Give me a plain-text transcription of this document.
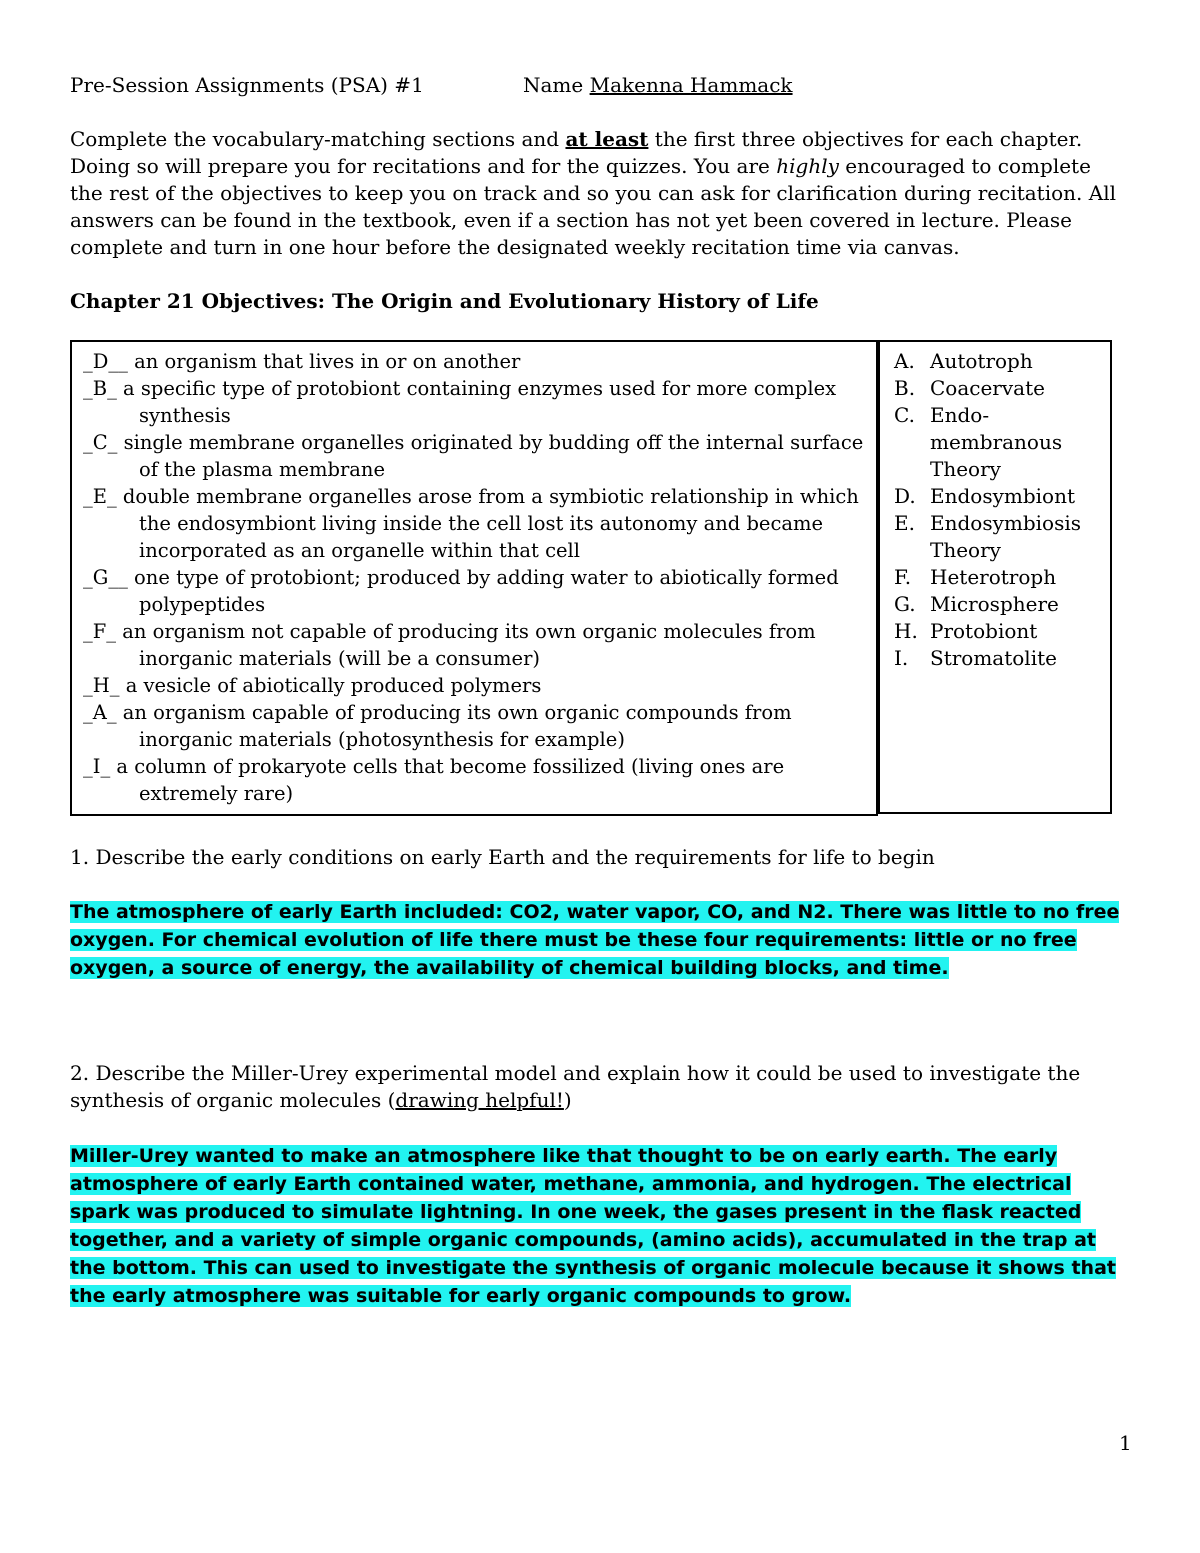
Pre-Session Assignments (PSA) #1	Name Makenna Hammack
Complete the vocabulary-matching sections and at least the first three objectives for each chapter. Doing so will prepare you for recitations and for the quizzes. You are highly encouraged to complete the rest of the objectives to keep you on track and so you can ask for clarification during recitation. All answers can be found in the textbook, even if a section has not yet been covered in lecture. Please complete and turn in one hour before the designated weekly recitation time via canvas.
Chapter 21 Objectives: The Origin and Evolutionary History of Life
_D__ an organism that lives in or on another
_B_ a specific type of protobiont containing enzymes used for more complex synthesis
_C_ single membrane organelles originated by budding off the internal surface of the plasma membrane
_E_ double membrane organelles arose from a symbiotic relationship in which the endosymbiont living inside the cell lost its autonomy and became incorporated as an organelle within that cell
_G__ one type of protobiont; produced by adding water to abiotically formed polypeptides
_F_ an organism not capable of producing its own organic molecules from inorganic materials (will be a consumer)
_H_ a vesicle of abiotically produced polymers
_A_ an organism capable of producing its own organic compounds from inorganic materials (photosynthesis for example)
_I_ a column of prokaryote cells that become fossilized (living ones are extremely rare)
A. Autotroph
B. Coacervate
C. Endo-membranous Theory
D. Endosymbiont
E. Endosymbiosis Theory
F. Heterotroph
G. Microsphere
H. Protobiont
I.	Stromatolite
1. Describe the early conditions on early Earth and the requirements for life to begin
The atmosphere of early Earth included: CO2, water vapor, CO, and N2. There was little to no free oxygen. For chemical evolution of life there must be these four requirements: little or no free oxygen, a source of energy, the availability of chemical building blocks, and time.
2. Describe the Miller-Urey experimental model and explain how it could be used to investigate the synthesis of organic molecules (drawing helpful!)
Miller-Urey wanted to make an atmosphere like that thought to be on early earth. The early atmosphere of early Earth contained water, methane, ammonia, and hydrogen. The electrical spark was produced to simulate lightning. In one week, the gases present in the flask reacted together, and a variety of simple organic compounds, (amino acids), accumulated in the trap at the bottom. This can used to investigate the synthesis of organic molecule because it shows that the early atmosphere was suitable for early organic compounds to grow.
1
